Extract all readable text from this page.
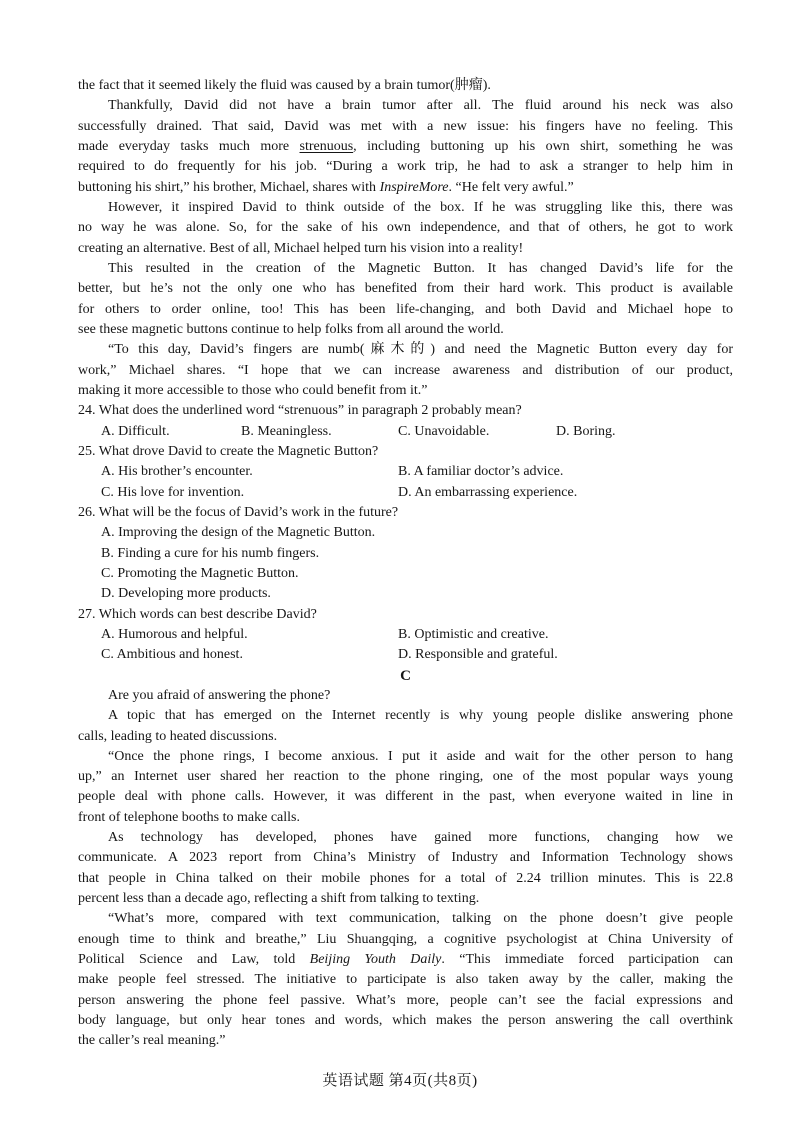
the fact that it seemed likely the fluid was caused by a brain tumor(肿瘤).
Thankfully, David did not have a brain tumor after all. The fluid around his neck was also
successfully drained. That said, David was met with a new issue: his fingers have no feeling. This
made everyday tasks much more strenuous, including buttoning up his own shirt, something he was
required to do frequently for his job. “During a work trip, he had to ask a stranger to help him in
buttoning his shirt,” his brother, Michael, shares with InspireMore. “He felt very awful.”
However, it inspired David to think outside of the box. If he was struggling like this, there was
no way he was alone. So, for the sake of his own independence, and that of others, he got to work
creating an alternative. Best of all, Michael helped turn his vision into a reality!
This resulted in the creation of the Magnetic Button. It has changed David’s life for the
better, but he’s not the only one who has benefited from their hard work. This product is available
for others to order online, too! This has been life-changing, and both David and Michael hope to
see these magnetic buttons continue to help folks from all around the world.
“To this day, David’s fingers are numb(麻木的) and need the Magnetic Button every day for
work,” Michael shares. “I hope that we can increase awareness and distribution of our product,
making it more accessible to those who could benefit from it.”
24. What does the underlined word “strenuous” in paragraph 2 probably mean?
A. Difficult.	B. Meaningless.	C. Unavoidable.	D. Boring.
25. What drove David to create the Magnetic Button?
A. His brother’s encounter.	B. A familiar doctor’s advice.
C. His love for invention.	D. An embarrassing experience.
26. What will be the focus of David’s work in the future?
A. Improving the design of the Magnetic Button.
B. Finding a cure for his numb fingers.
C. Promoting the Magnetic Button.
D. Developing more products.
27. Which words can best describe David?
A. Humorous and helpful.	B. Optimistic and creative.
C. Ambitious and honest.	D. Responsible and grateful.
C
Are you afraid of answering the phone?
A topic that has emerged on the Internet recently is why young people dislike answering phone
calls, leading to heated discussions.
“Once the phone rings, I become anxious. I put it aside and wait for the other person to hang
up,” an Internet user shared her reaction to the phone ringing, one of the most popular ways young
people deal with phone calls. However, it was different in the past, when everyone waited in line in
front of telephone booths to make calls.
As technology has developed, phones have gained more functions, changing how we
communicate. A 2023 report from China’s Ministry of Industry and Information Technology shows
that people in China talked on their mobile phones for a total of 2.24 trillion minutes. This is 22.8
percent less than a decade ago, reflecting a shift from talking to texting.
“What’s more, compared with text communication, talking on the phone doesn’t give people
enough time to think and breathe,” Liu Shuangqing, a cognitive psychologist at China University of
Political Science and Law, told Beijing Youth Daily. “This immediate forced participation can
make people feel stressed. The initiative to participate is also taken away by the caller, making the
person answering the phone feel passive. What’s more, people can’t see the facial expressions and
body language, but only hear tones and words, which makes the person answering the call overthink
the caller’s real meaning.”
英语试题 第4页(共8页)
